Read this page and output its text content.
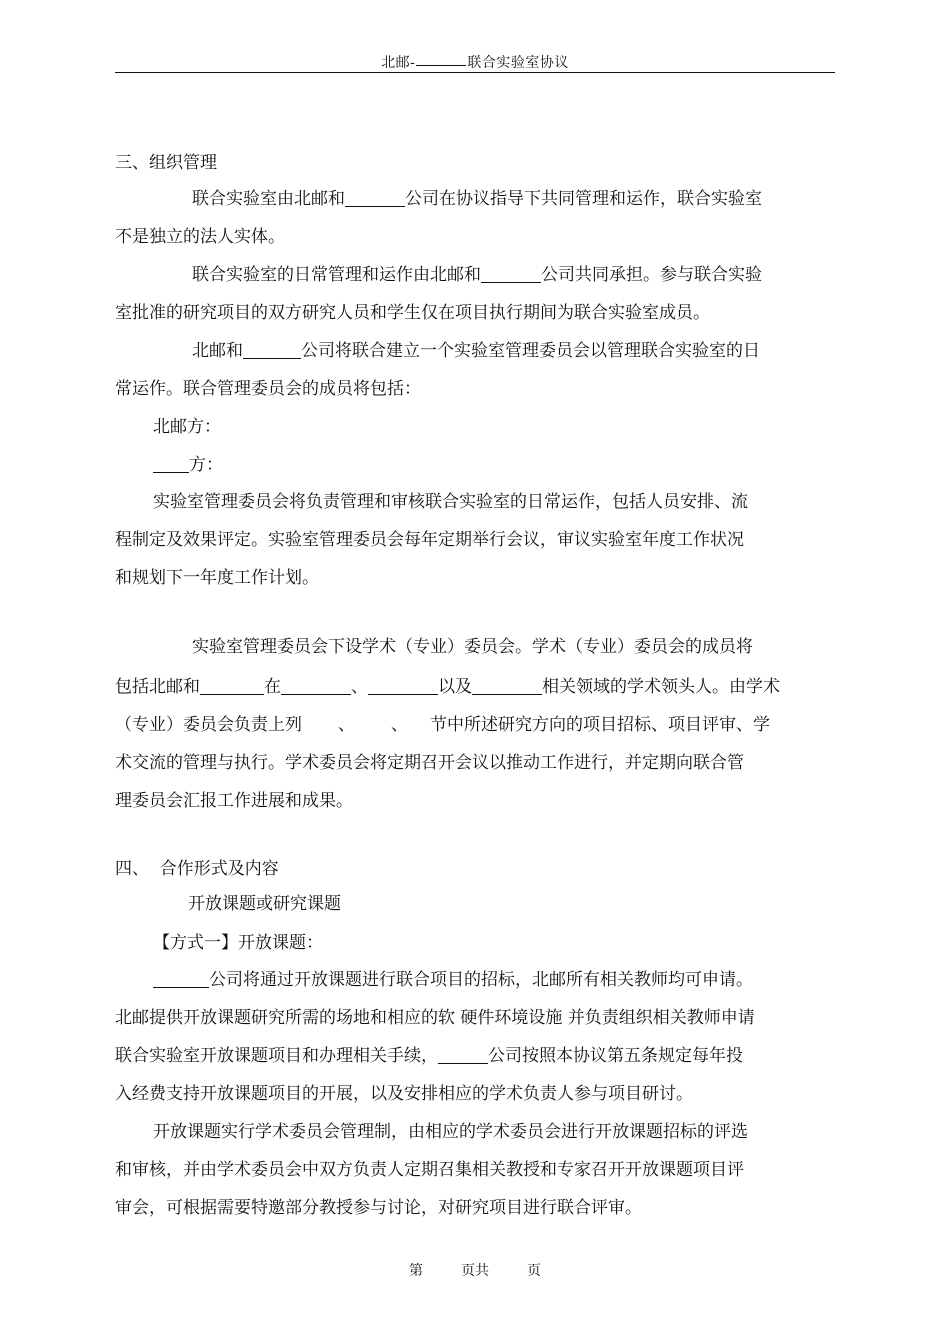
北邮-	联合实验室协议
三、组织管理
联合实验室由北邮和	公司在协议指导下共同管理和运作，联合实验室
不是独立的法人实体。
联合实验室的日常管理和运作由北邮和	公司共同承担。参与联合实验
室批准的研究项目的双方研究人员和学生仅在项目执行期间为联合实验室成员。
北邮和	公司将联合建立一个实验室管理委员会以管理联合实验室的日
常运作。联合管理委员会的成员将包括：
北邮方：
方：
实验室管理委员会将负责管理和审核联合实验室的日常运作，包括人员安排、流
程制定及效果评定。实验室管理委员会每年定期举行会议，审议实验室年度工作状况
和规划下一年度工作计划。
实验室管理委员会下设学术（专业）委员会。学术（专业）委员会的成员将
包括北邮和	在	、	以及	相关领域的学术领头人。由学术
（专业）委员会负责上列 、 、 节中所述研究方向的项目招标、项目评审、学
术交流的管理与执行。学术委员会将定期召开会议以推动工作进行，并定期向联合管
理委员会汇报工作进展和成果。
四、  合作形式及内容
开放课题或研究课题
【方式一】开放课题：
公司将通过开放课题进行联合项目的招标，北邮所有相关教师均可申请。
北邮提供开放课题研究所需的场地和相应的软 硬件环境设施 并负责组织相关教师申请
联合实验室开放课题项目和办理相关手续，	公司按照本协议第五条规定每年投
入经费支持开放课题项目的开展，以及安排相应的学术负责人参与项目研讨。
开放课题实行学术委员会管理制，由相应的学术委员会进行开放课题招标的评选
和审核，并由学术委员会中双方负责人定期召集相关教授和专家召开开放课题项目评
审会，可根据需要特邀部分教授参与讨论，对研究项目进行联合评审。
第	页共	页
